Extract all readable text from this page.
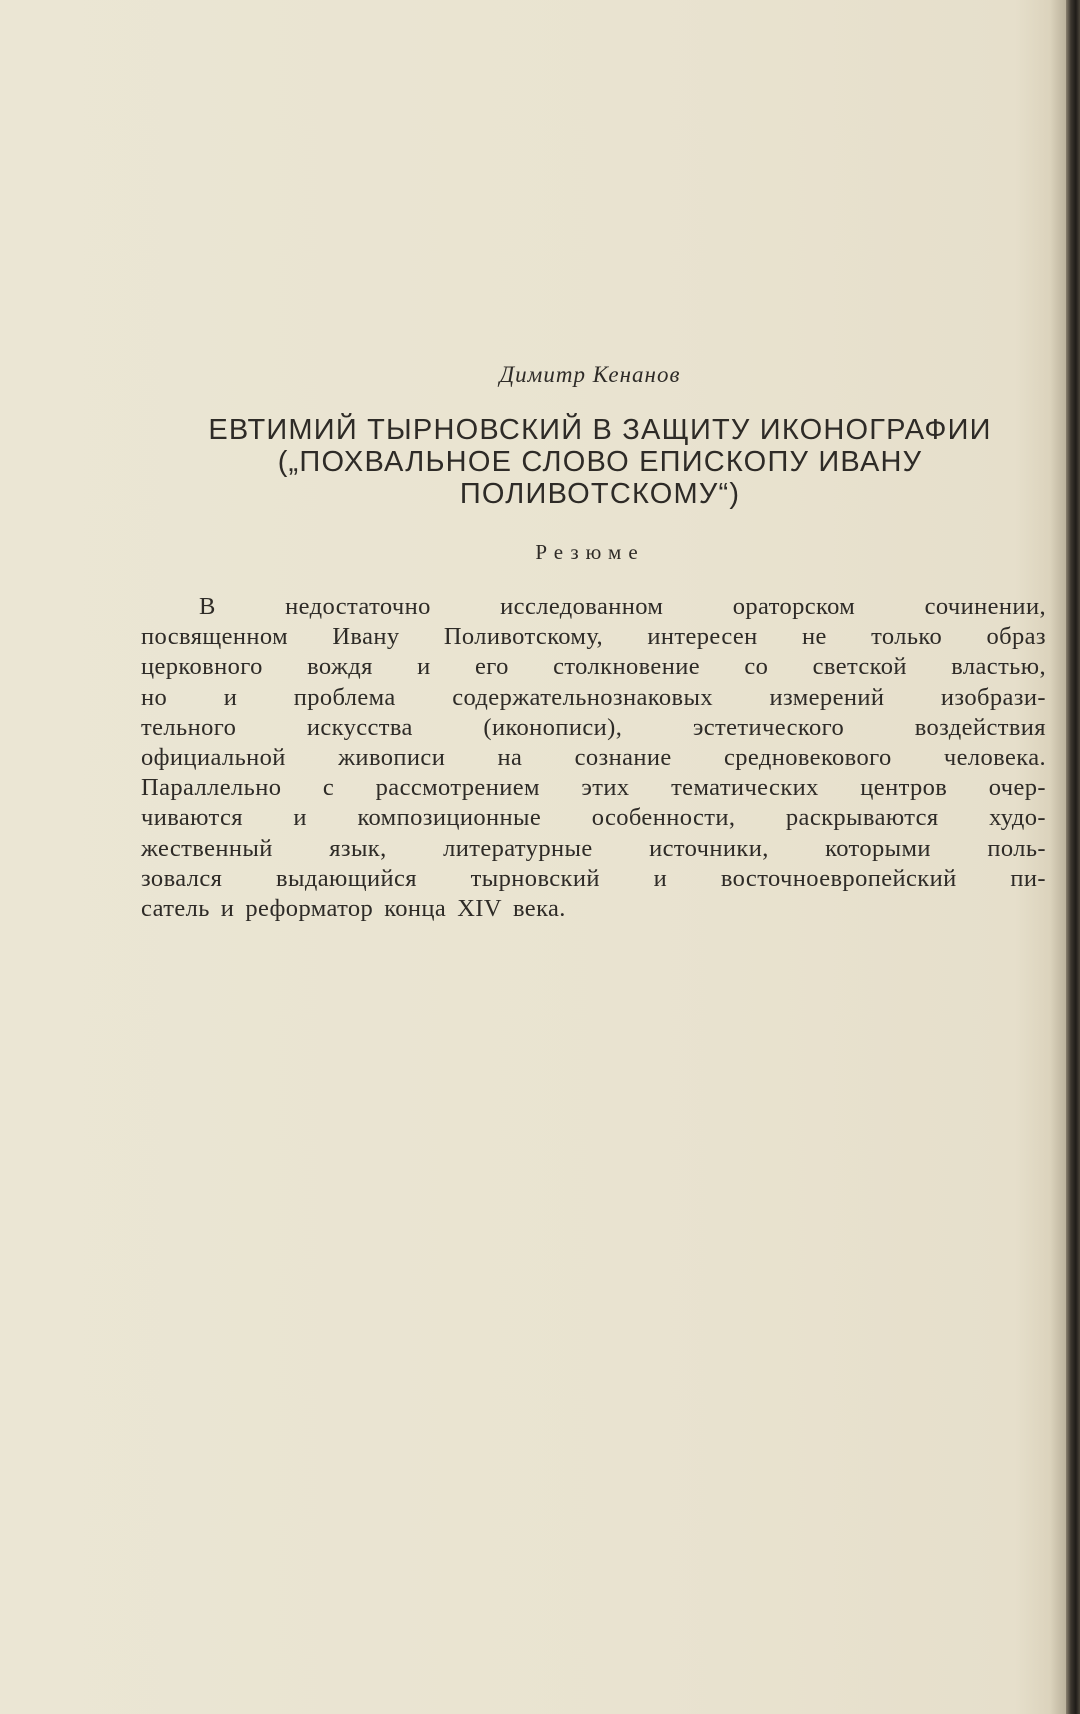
Димитр Кенанов
ЕВТИМИЙ ТЫРНОВСКИЙ В ЗАЩИТУ ИКОНОГРАФИИ
(„ПОХВАЛЬНОЕ СЛОВО ЕПИСКОПУ ИВАНУ
ПОЛИВОТСКОМУ“)
Резюме
В	недостаточно	исследованном	ораторском	сочинении,
посвященном Ивану Поливотскому, интересен не только образ
церковного вождя и его столкновение со светской властью,
но и проблема содержательнознаковых измерений изобрази-
тельного	искусства	(иконописи),	эстетического	воздействия
официальной живописи на сознание средновекового человека.
Параллельно с рассмотрением этих тематических центров очер-
чиваются и композиционные особенности, раскрываются худо-
жественный язык, литературные источники, которыми поль-
зовался выдающийся тырновский и восточноевропейский пи-
сатель и реформатор конца XIV века.
